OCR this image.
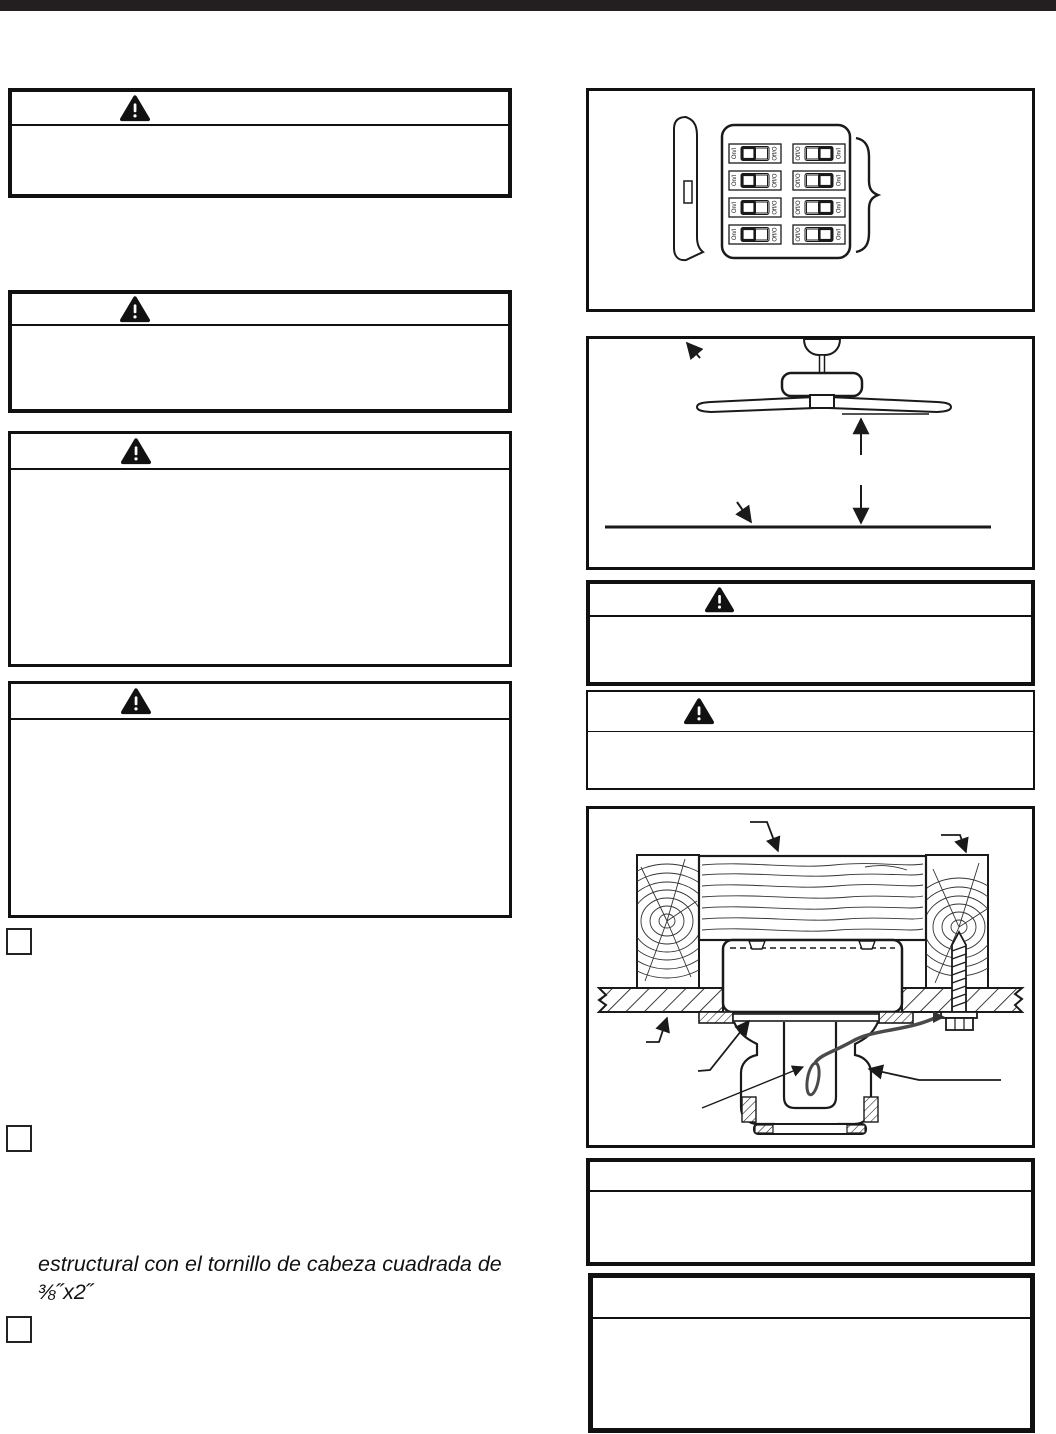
estructural con el tornillo de cabeza cuadrada de ⅜˝x2˝
On/I	Off/O
On/I	Off/O
On/I	Off/O
On/I	Off/O
Off/O	On/I
Off/O	On/I
Off/O	On/I
Off/O	On/I
